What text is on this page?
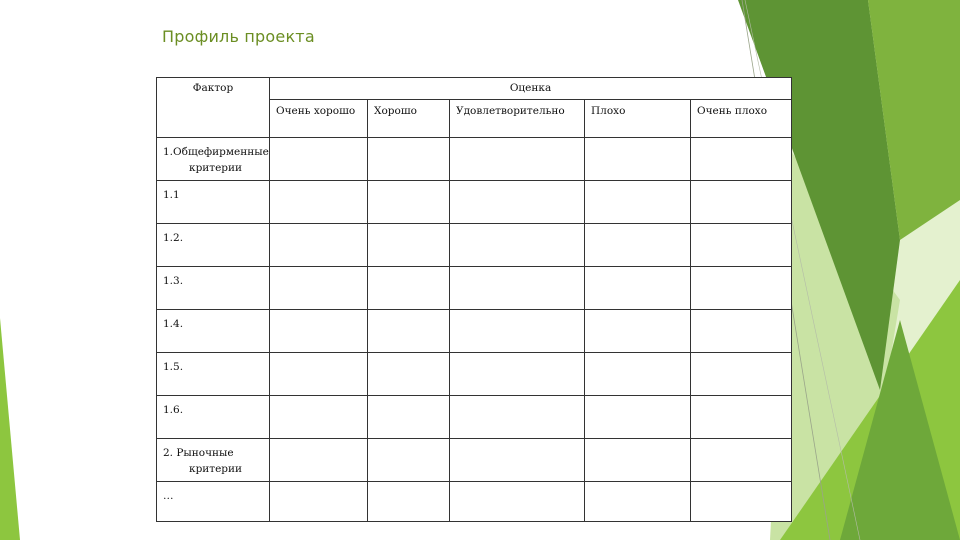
Профиль проекта
Фактор	Оценка				
	Очень хорошо	Хорошо	Удовлетворительно	Плохо	Очень плохо
1.Общефирменные
критерии					

1.1					
1.2.					
1.3.					
1.4.					
1.5.					
1.6.					
2. Рыночные
критерии					

…					
